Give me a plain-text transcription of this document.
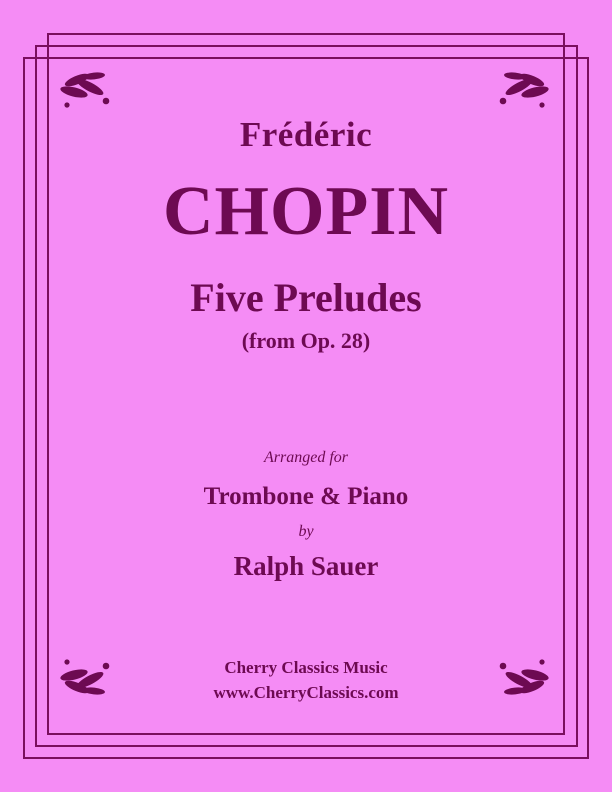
Frédéric
CHOPIN
Five Preludes
(from Op. 28)
Arranged for
Trombone & Piano
by
Ralph Sauer
Cherry Classics Music
www.CherryClassics.com
